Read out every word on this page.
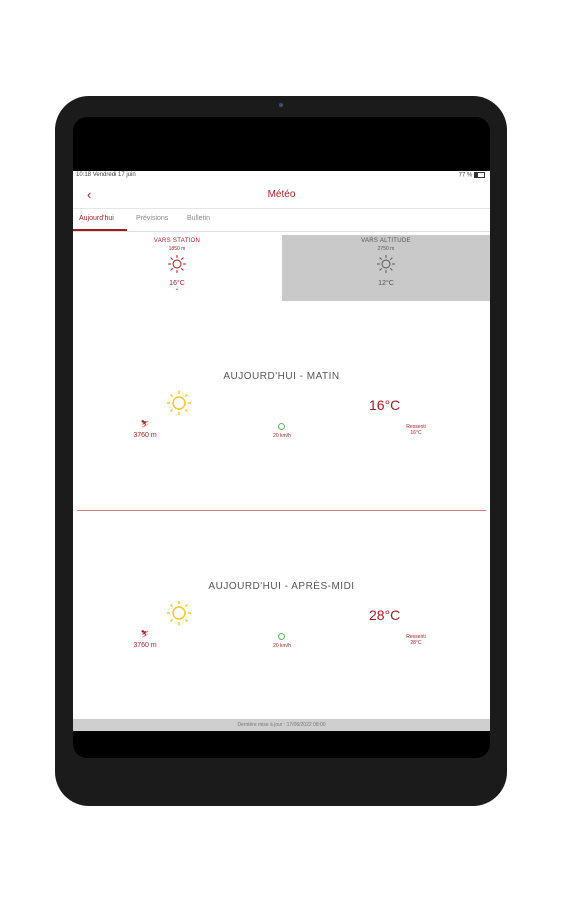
10:18 Vendredi 17 juin	77 %
‹	Météo
Aujourd'hui	Prévisions	Bulletin
VARS STATION
1850 m
16°C
⌄
VARS ALTITUDE
2750 m
12°C
AUJOURD'HUI - MATIN
16°C
⛷
3760 m	20 km/h
Ressenti
16°C
AUJOURD'HUI - APRÈS-MIDI
28°C
⛷
3760 m	20 km/h
Ressenti
28°C
Dernière mise à jour : 17/06/2022 08:00
